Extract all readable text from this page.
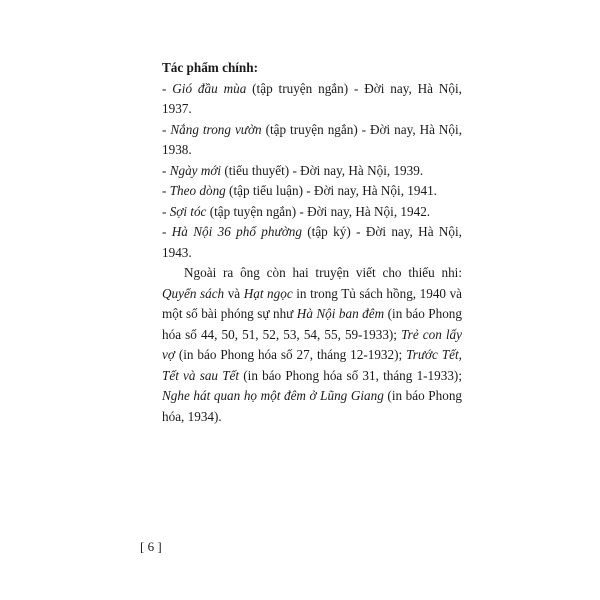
Tác phẩm chính:

- Gió đầu mùa (tập truyện ngắn) - Đời nay, Hà Nội, 1937.

- Nắng trong vườn (tập truyện ngắn) - Đời nay, Hà Nội, 1938.

- Ngày mới (tiểu thuyết) - Đời nay, Hà Nội, 1939.

- Theo dòng (tập tiểu luận) - Đời nay, Hà Nội, 1941.

- Sợi tóc (tập tuyện ngắn) - Đời nay, Hà Nội, 1942.

- Hà Nội 36 phố phường (tập ký) - Đời nay, Hà Nội, 1943.

Ngoài ra ông còn hai truyện viết cho thiếu nhi: Quyển sách và Hạt ngọc in trong Tủ sách hồng, 1940 và một số bài phóng sự như Hà Nội ban đêm (in báo Phong hóa số 44, 50, 51, 52, 53, 54, 55, 59-1933); Trẻ con lấy vợ (in báo Phong hóa số 27, tháng 12-1932); Trước Tết, Tết và sau Tết (in báo Phong hóa số 31, tháng 1-1933); Nghe hát quan họ một đêm ở Lũng Giang (in báo Phong hóa, 1934).

[ 6 ]
